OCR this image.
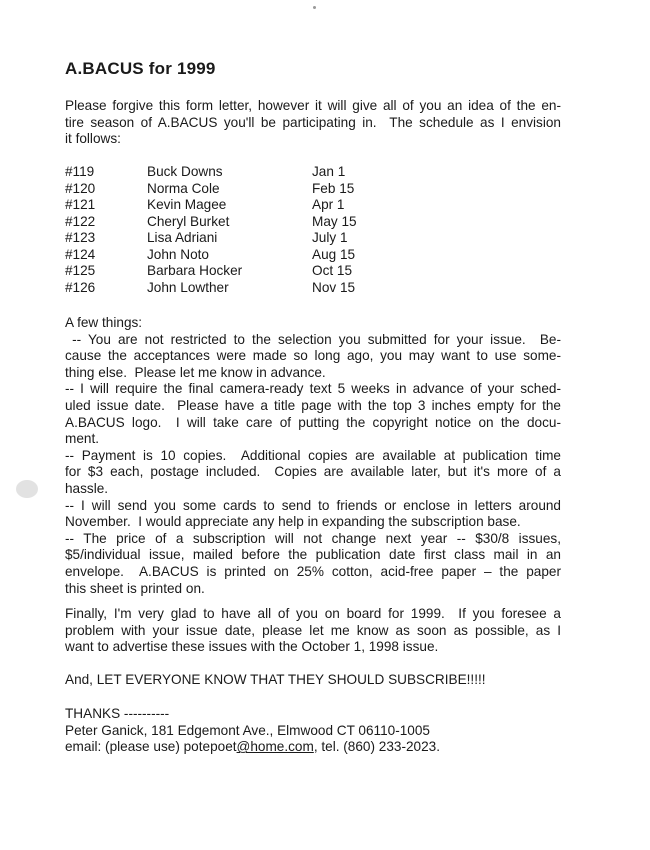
A.BACUS for 1999
Please forgive this form letter, however it will give all of you an idea of the en-
tire season of A.BACUS you'll be participating in.  The schedule as I envision
it follows:
#119	Buck Downs	Jan 1
#120	Norma Cole	Feb 15
#121	Kevin Magee	Apr 1
#122	Cheryl Burket	May 15
#123	Lisa Adriani	July 1
#124	John Noto	Aug 15
#125	Barbara Hocker	Oct 15
#126	John Lowther	Nov 15
A few things:
-- You are not restricted to the selection you submitted for your issue.  Be-
cause the acceptances were made so long ago, you may want to use some-
thing else.  Please let me know in advance.
-- I will require the final camera-ready text 5 weeks in advance of your sched-
uled issue date.  Please have a title page with the top 3 inches empty for the
A.BACUS logo.  I will take care of putting the copyright notice on the docu-
ment.
-- Payment is 10 copies.  Additional copies are available at publication time
for $3 each, postage included.  Copies are available later, but it's more of a
hassle.
-- I will send you some cards to send to friends or enclose in letters around
November.  I would appreciate any help in expanding the subscription base.
-- The price of a subscription will not change next year -- $30/8 issues,
$5/individual issue, mailed before the publication date first class mail in an
envelope.  A.BACUS is printed on 25% cotton, acid-free paper – the paper
this sheet is printed on.
Finally, I'm very glad to have all of you on board for 1999.  If you foresee a
problem with your issue date, please let me know as soon as possible, as I
want to advertise these issues with the October 1, 1998 issue.
And, LET EVERYONE KNOW THAT THEY SHOULD SUBSCRIBE!!!!!
THANKS ----------
Peter Ganick, 181 Edgemont Ave., Elmwood CT 06110-1005
email: (please use) potepoet@home.com, tel. (860) 233-2023.
